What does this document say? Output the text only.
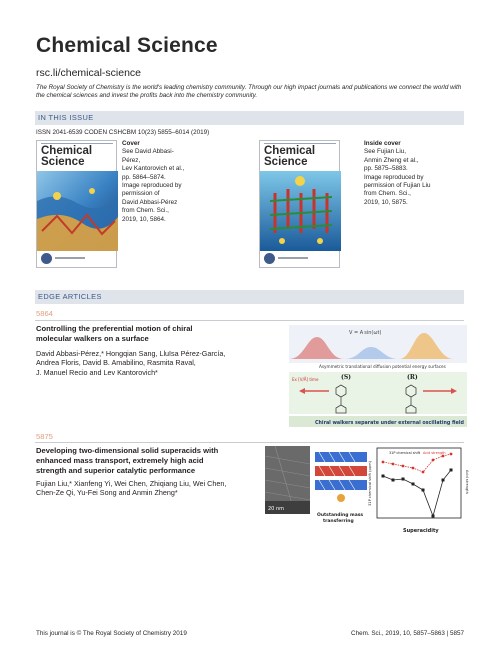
Chemical Science
rsc.li/chemical-science
The Royal Society of Chemistry is the world's leading chemistry community. Through our high impact journals and publications we connect the world with the chemical sciences and invest the profits back into the chemistry community.
IN THIS ISSUE
ISSN 2041-6539 CODEN CSHCBM 10(23) 5855–6014 (2019)
Chemical Science
Cover
See David Abbasi-Pérez,
Lev Kantorovich et al.,
pp. 5864–5874.
Image reproduced by
permission of
David Abbasi-Pérez
from Chem. Sci.,
2019, 10, 5864.
Chemical Science
Inside cover
See Fujian Liu,
Anmin Zheng et al.,
pp. 5875–5883.
Image reproduced by
permission of Fujian Liu
from Chem. Sci.,
2019, 10, 5875.
EDGE ARTICLES
5864
Controlling the preferential motion of chiral
molecular walkers on a surface
David Abbasi-Pérez,* Hongqian Sang, Lluïsa Pérez-García,
Andrea Floris, David B. Amabilino, Rasmita Raval,
J. Manuel Recio and Lev Kantorovich*
V = A sin(ωt)
Asymmetric translational diffusion potential energy surfaces
(S)	(R)
Ex [V/Å] time
Chiral walkers separate under external oscillating field
5875
Developing two-dimensional solid superacids with
enhanced mass transport, extremely high acid
strength and superior catalytic performance
Fujian Liu,* Xianfeng Yi, Wei Chen, Zhiqiang Liu, Wei Chen,
Chen-Ze Qi, Yu-Fei Song and Anmin Zheng*
20 nm
Outstanding mass
transferring
31P chemical shift (ppm)	Acid strength
31P chemical shift Acid strength
Superacidity
This journal is © The Royal Society of Chemistry 2019	Chem. Sci., 2019, 10, 5857–5863 | 5857
